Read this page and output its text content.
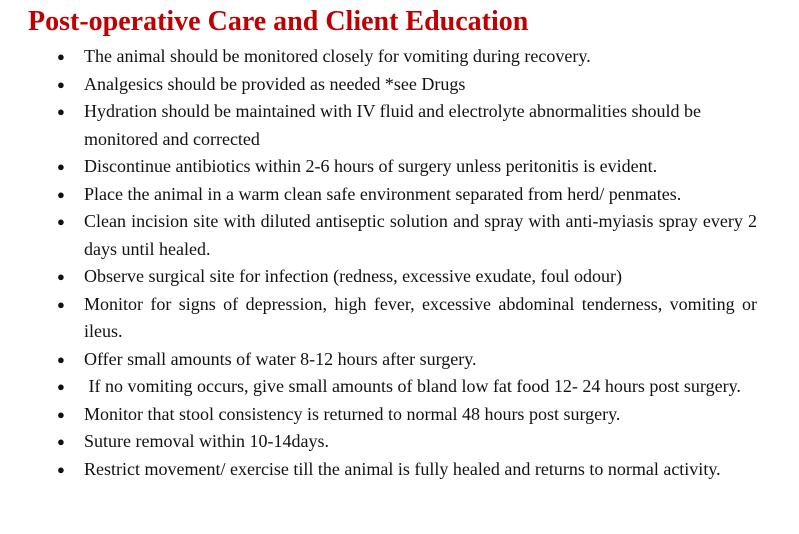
Post-operative Care and Client Education
● The animal should be monitored closely for vomiting during recovery.
● Analgesics should be provided as needed *see Drugs
● Hydration should be maintained with IV fluid and electrolyte abnormalities should be monitored and corrected
● Discontinue antibiotics within 2-6 hours of surgery unless peritonitis is evident.
● Place the animal in a warm clean safe environment separated from herd/ penmates.
● Clean incision site with diluted antiseptic solution and spray with anti-myiasis spray every 2 days until healed.
● Observe surgical site for infection (redness, excessive exudate, foul odour)
● Monitor for signs of depression, high fever, excessive abdominal tenderness, vomiting or ileus.
● Offer small amounts of water 8-12 hours after surgery.
● If no vomiting occurs, give small amounts of bland low fat food 12- 24 hours post surgery.
● Monitor that stool consistency is returned to normal 48 hours post surgery.
● Suture removal within 10-14days.
● Restrict movement/ exercise till the animal is fully healed and returns to normal activity.
